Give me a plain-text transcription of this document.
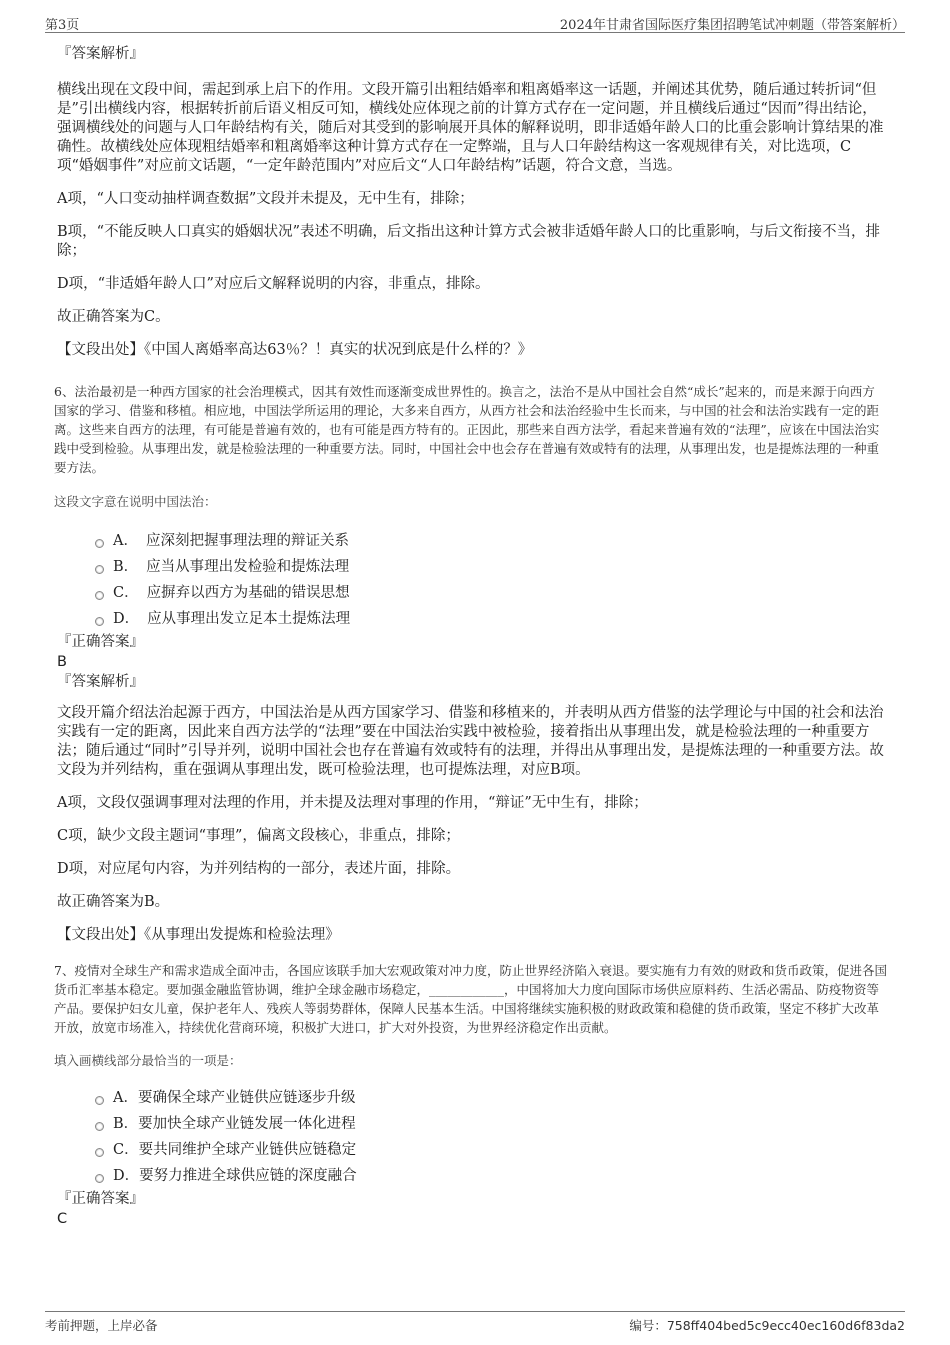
第3页	2024年甘肃省国际医疗集团招聘笔试冲刺题（带答案解析）
『答案解析』

横线出现在文段中间，需起到承上启下的作用。文段开篇引出粗结婚率和粗离婚率这一话题，并阐述其优势，随后通过转折词“但是”引出横线内容，根据转折前后语义相反可知，横线处应体现之前的计算方式存在一定问题，并且横线后通过“因而”得出结论，强调横线处的问题与人口年龄结构有关，随后对其受到的影响展开具体的解释说明，即非适婚年龄人口的比重会影响计算结果的准确性。故横线处应体现粗结婚率和粗离婚率这种计算方式存在一定弊端，且与人口年龄结构这一客观规律有关，对比选项，C项“婚姻事件”对应前文话题，“一定年龄范围内”对应后文“人口年龄结构”话题，符合文意，当选。

A项，“人口变动抽样调查数据”文段并未提及，无中生有，排除；

B项，“不能反映人口真实的婚姻状况”表述不明确，后文指出这种计算方式会被非适婚年龄人口的比重影响，与后文衔接不当，排除；

D项，“非适婚年龄人口”对应后文解释说明的内容，非重点，排除。

故正确答案为C。

【文段出处】《中国人离婚率高达63％？！真实的状况到底是什么样的？》

6、法治最初是一种西方国家的社会治理模式，因其有效性而逐渐变成世界性的。换言之，法治不是从中国社会自然“成长”起来的，而是来源于向西方国家的学习、借鉴和移植。相应地，中国法学所运用的理论，大多来自西方，从西方社会和法治经验中生长而来，与中国的社会和法治实践有一定的距离。这些来自西方的法理，有可能是普遍有效的，也有可能是西方特有的。正因此，那些来自西方法学，看起来普遍有效的“法理”，应该在中国法治实践中受到检验。从事理出发，就是检验法理的一种重要方法。同时，中国社会中也会存在普遍有效或特有的法理，从事理出发，也是提炼法理的一种重要方法。

这段文字意在说明中国法治：

A． 应深刻把握事理法理的辩证关系
B． 应当从事理出发检验和提炼法理
C． 应摒弃以西方为基础的错误思想
D． 应从事理出发立足本土提炼法理
『正确答案』
B
『答案解析』

文段开篇介绍法治起源于西方，中国法治是从西方国家学习、借鉴和移植来的，并表明从西方借鉴的法学理论与中国的社会和法治实践有一定的距离，因此来自西方法学的“法理”要在中国法治实践中被检验，接着指出从事理出发，就是检验法理的一种重要方法；随后通过“同时”引导并列，说明中国社会也存在普遍有效或特有的法理，并得出从事理出发，是提炼法理的一种重要方法。故文段为并列结构，重在强调从事理出发，既可检验法理，也可提炼法理，对应B项。

A项，文段仅强调事理对法理的作用，并未提及法理对事理的作用，“辩证”无中生有，排除；

C项，缺少文段主题词“事理”，偏离文段核心，非重点，排除；

D项，对应尾句内容，为并列结构的一部分，表述片面，排除。

故正确答案为B。

【文段出处】《从事理出发提炼和检验法理》

7、疫情对全球生产和需求造成全面冲击，各国应该联手加大宏观政策对冲力度，防止世界经济陷入衰退。要实施有力有效的财政和货币政策，促进各国货币汇率基本稳定。要加强金融监管协调，维护全球金融市场稳定，____________，中国将加大力度向国际市场供应原料药、生活必需品、防疫物资等产品。要保护妇女儿童，保护老年人、残疾人等弱势群体，保障人民基本生活。中国将继续实施积极的财政政策和稳健的货币政策，坚定不移扩大改革开放，放宽市场准入，持续优化营商环境，积极扩大进口，扩大对外投资，为世界经济稳定作出贡献。

填入画横线部分最恰当的一项是：

A．要确保全球产业链供应链逐步升级
B．要加快全球产业链发展一体化进程
C．要共同维护全球产业链供应链稳定
D．要努力推进全球供应链的深度融合
『正确答案』
C
考前押题，上岸必备	编号：758ff404bed5c9ecc40ec160d6f83da2
